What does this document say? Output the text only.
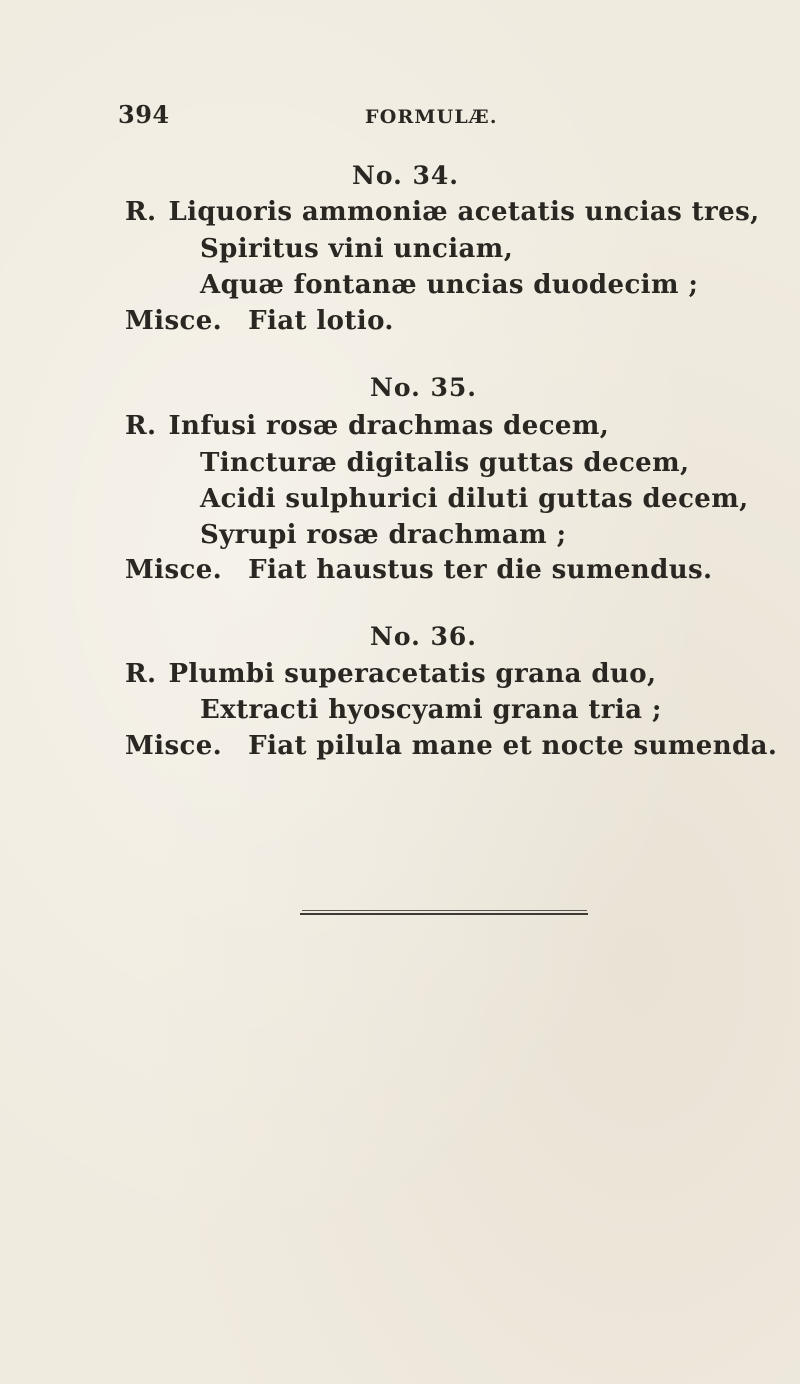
394	FORMULÆ.
No. 34.
R. Liquoris ammoniæ acetatis uncias tres,
Spiritus vini unciam,
Aquæ fontanæ uncias duodecim ;
Misce. Fiat lotio.
No. 35.
R. Infusi rosæ drachmas decem,
Tincturæ digitalis guttas decem,
Acidi sulphurici diluti guttas decem,
Syrupi rosæ drachmam ;
Misce. Fiat haustus ter die sumendus.
No. 36.
R. Plumbi superacetatis grana duo,
Extracti hyoscyami grana tria ;
Misce. Fiat pilula mane et nocte sumenda.
